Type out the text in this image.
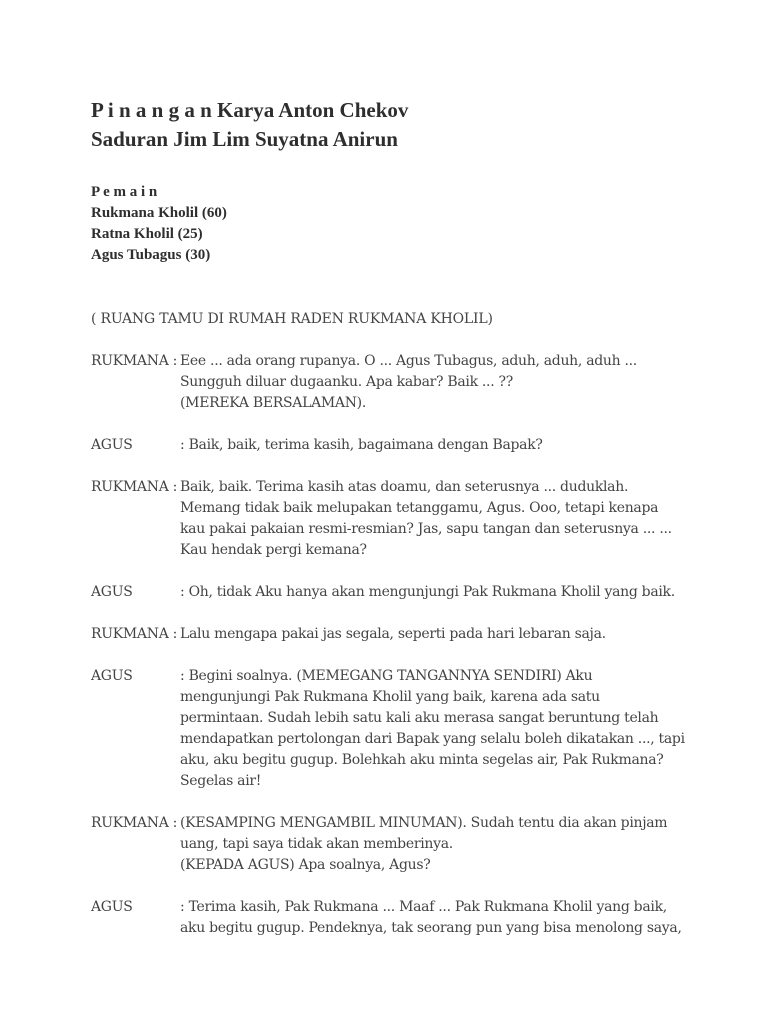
P i n a n g a n Karya Anton Chekov
Saduran Jim Lim Suyatna Anirun
P e m a i n
Rukmana Kholil (60)
Ratna Kholil (25)
Agus Tubagus (30)
( RUANG TAMU DI RUMAH RADEN RUKMANA KHOLIL)
RUKMANA : Eee ... ada orang rupanya. O ... Agus Tubagus, aduh, aduh, aduh ...
Sungguh diluar dugaanku. Apa kabar? Baik ... ??
(MEREKA BERSALAMAN).
AGUS	: Baik, baik, terima kasih, bagaimana dengan Bapak?
RUKMANA : Baik, baik. Terima kasih atas doamu, dan seterusnya ... duduklah.
Memang tidak baik melupakan tetanggamu, Agus. Ooo, tetapi kenapa
kau pakai pakaian resmi-resmian? Jas, sapu tangan dan seterusnya ... ...
Kau hendak pergi kemana?
AGUS	: Oh, tidak Aku hanya akan mengunjungi Pak Rukmana Kholil yang baik.
RUKMANA : Lalu mengapa pakai jas segala, seperti pada hari lebaran saja.
AGUS	: Begini soalnya. (MEMEGANG TANGANNYA SENDIRI) Aku
mengunjungi Pak Rukmana Kholil yang baik, karena ada satu
permintaan. Sudah lebih satu kali aku merasa sangat beruntung telah
mendapatkan pertolongan dari Bapak yang selalu boleh dikatakan ..., tapi
aku, aku begitu gugup. Bolehkah aku minta segelas air, Pak Rukmana?
Segelas air!
RUKMANA : (KESAMPING MENGAMBIL MINUMAN). Sudah tentu dia akan pinjam
uang, tapi saya tidak akan memberinya.
(KEPADA AGUS) Apa soalnya, Agus?
AGUS	: Terima kasih, Pak Rukmana ... Maaf ... Pak Rukmana Kholil yang baik,
aku begitu gugup. Pendeknya, tak seorang pun yang bisa menolong saya,
